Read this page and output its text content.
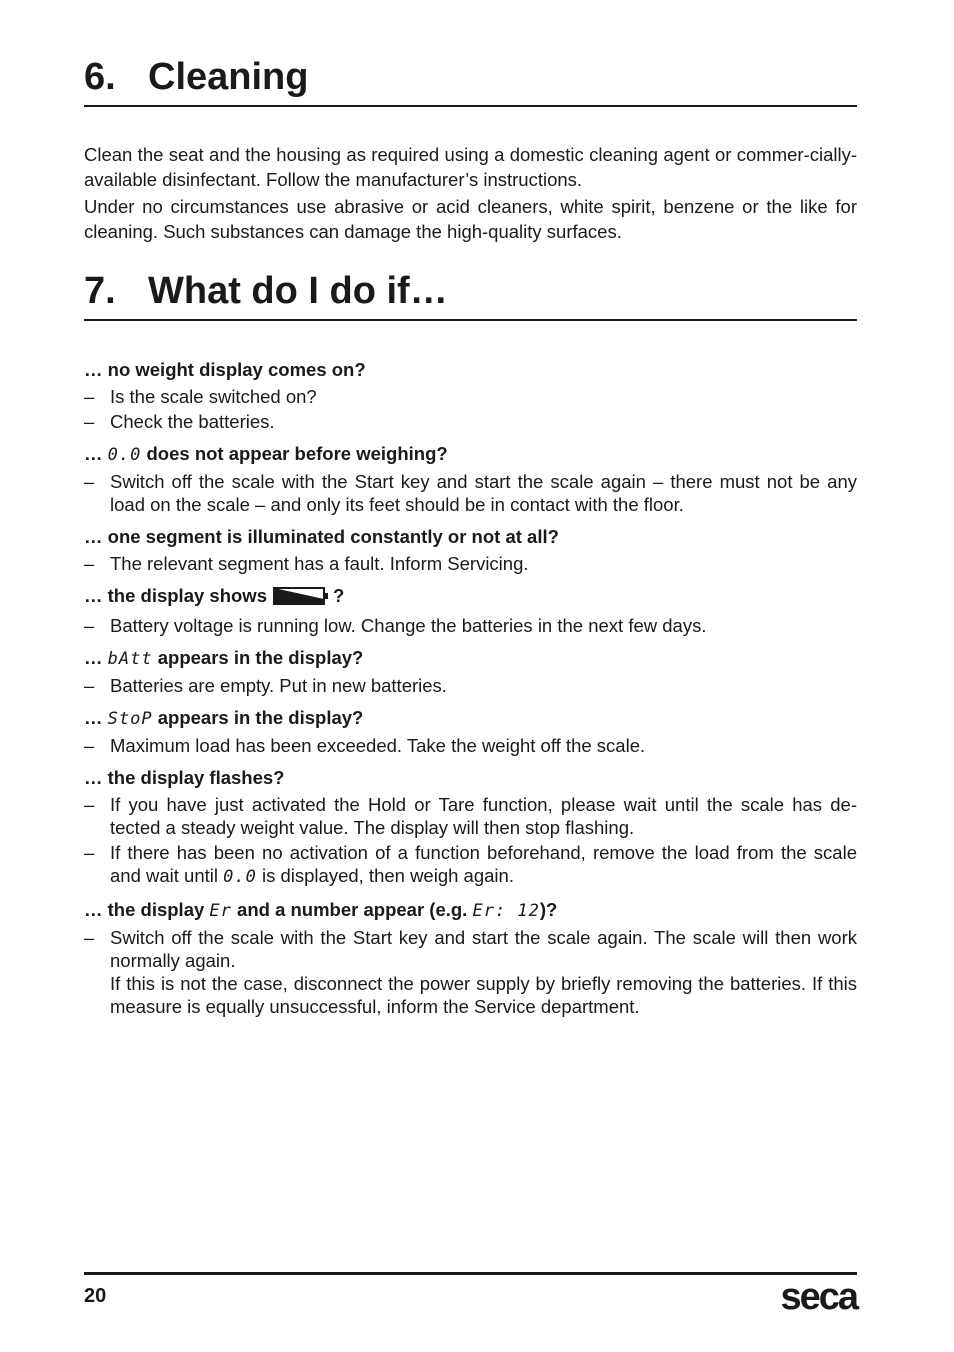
6. Cleaning

Clean the seat and the housing as required using a domestic cleaning agent or commer-cially-available disinfectant. Follow the manufacturer’s instructions.

Under no circumstances use abrasive or acid cleaners, white spirit, benzene or the like for cleaning. Such substances can damage the high-quality surfaces.

7. What do I do if…

… no weight display comes on?

– Is the scale switched on?
– Check the batteries.

… 0.0 does not appear before weighing?

– Switch off the scale with the Start key and start the scale again – there must not be any load on the scale – and only its feet should be in contact with the floor.

… one segment is illuminated constantly or not at all?

– The relevant segment has a fault. Inform Servicing.

… the display shows	?

– Battery voltage is running low. Change the batteries in the next few days.

… bAtt appears in the display?

– Batteries are empty. Put in new batteries.

… StoP appears in the display?

– Maximum load has been exceeded. Take the weight off the scale.

… the display flashes?

– If you have just activated the Hold or Tare function, please wait until the scale has de-tected a steady weight value. The display will then stop flashing.
– If there has been no activation of a function beforehand, remove the load from the scale and wait until 0.0 is displayed, then weigh again.

… the display Er and a number appear (e.g. Er: 12)?

– Switch off the scale with the Start key and start the scale again. The scale will then work normally again.
If this is not the case, disconnect the power supply by briefly removing the batteries. If this measure is equally unsuccessful, inform the Service department.
20	seca
